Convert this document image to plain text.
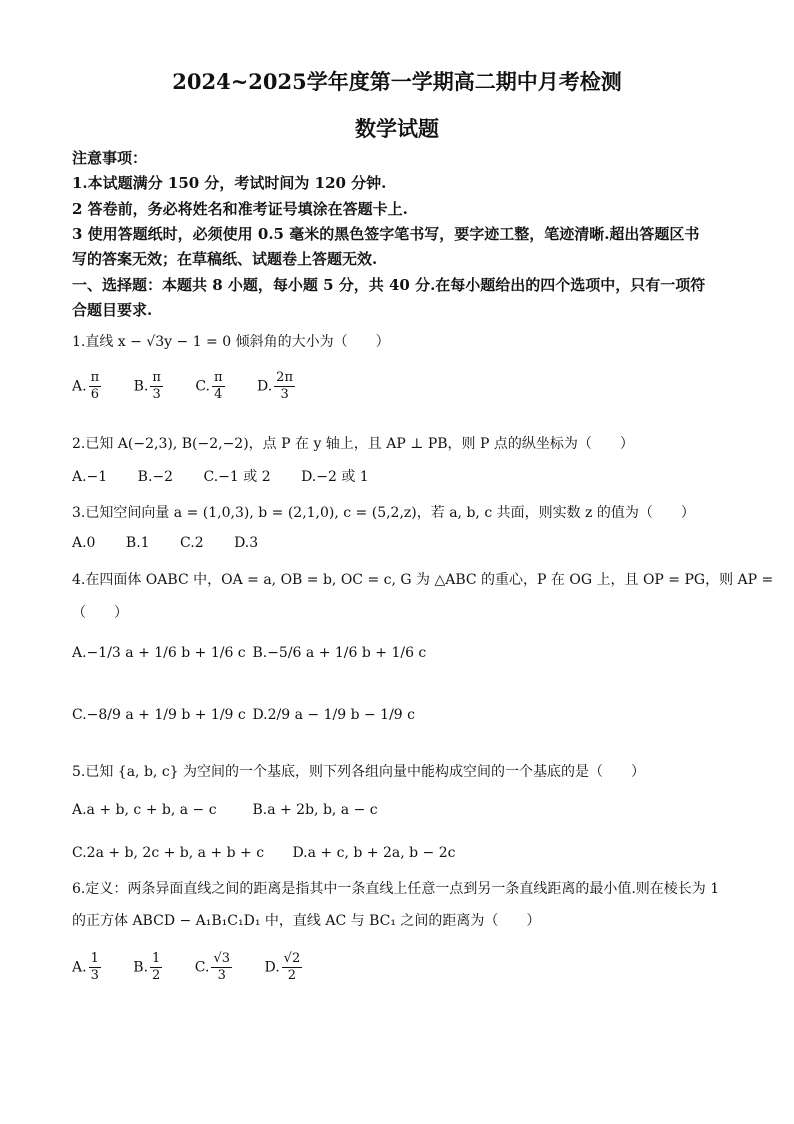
2024~2025学年度第一学期高二期中月考检测
数学试题
注意事项：
1.本试题满分 150 分，考试时间为 120 分钟.
2 答卷前，务必将姓名和准考证号填涂在答题卡上.
3 使用答题纸时，必须使用 0.5 毫米的黑色签字笔书写，要字迹工整，笔迹清晰.超出答题区书
写的答案无效；在草稿纸、试题卷上答题无效.
一、选择题：本题共 8 小题，每小题 5 分，共 40 分.在每小题给出的四个选项中，只有一项符
合题目要求.
1.直线 x − √3y − 1 = 0 倾斜角的大小为（　　）
A. $\frac{\pi}{6} B$. $\frac{\pi}{3} C$. $\frac{\pi}{4} D$. $\frac{2\pi}{3}$
2.已知 A(−2,3), B(−2,−2)，点 P 在 y 轴上，且 AP ⊥ PB，则 P 点的纵坐标为（　　）
A.−1 B.−2 C.−1 或 2 D.−2 或 1
3.已知空间向量 a = (1,0,3), b = (2,1,0), c = (5,2,z)，若 a, b, c 共面，则实数 z 的值为（　　）
A.0 B.1 C.2 D.3
4.在四面体 OABC 中，OA = a, OB = b, OC = c, G 为 △ABC 的重心，P 在 OG 上，且 OP = PG，则 AP =
（　　）
A.−1/3 a + 1/6 b + 1/6 c B.−5/6 a + 1/6 b + 1/6 c
C.−8/9 a + 1/9 b + 1/9 c D.2/9 a − 1/9 b − 1/9 c
5.已知 {a, b, c} 为空间的一个基底，则下列各组向量中能构成空间的一个基底的是（　　）
A.a + b, c + b, a − c	B.a + 2b, b, a − c
C.2a + b, 2c + b, a + b + c D.a + c, b + 2a, b − 2c
6.定义：两条异面直线之间的距离是指其中一条直线上任意一点到另一条直线距离的最小值.则在棱长为 1
的正方体 ABCD − A₁B₁C₁D₁ 中，直线 AC 与 BC₁ 之间的距离为（　　）
A. $\frac{1}{3} B$. $\frac{1}{2} C$. $\frac{√3}{3} D$. $\frac{√2}{2}$
